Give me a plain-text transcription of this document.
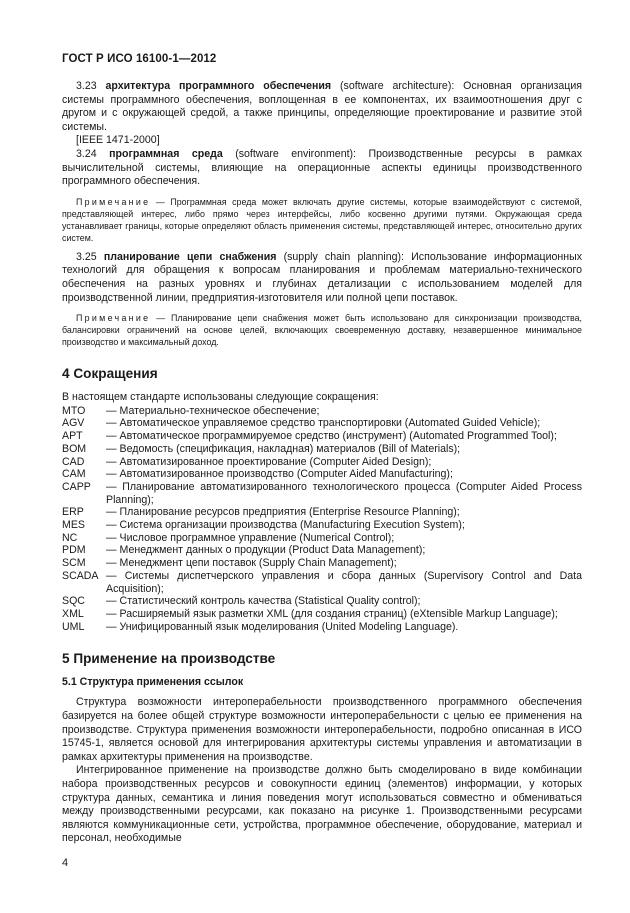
ГОСТ Р ИСО 16100-1—2012

3.23 архитектура программного обеспечения (software architecture): Основная организация системы программного обеспечения, воплощенная в ее компонентах, их взаимоотношения друг с другом и с окружающей средой, а также принципы, определяющие проектирование и развитие этой системы.

[IEEE 1471-2000]

3.24 программная среда (software environment): Производственные ресурсы в рамках вычислительной системы, влияющие на операционные аспекты единицы производственного программного обеспечения.

Примечание — Программная среда может включать другие системы, которые взаимодействуют с системой, представляющей интерес, либо прямо через интерфейсы, либо косвенно другими путями. Окружающая среда устанавливает границы, которые определяют область применения системы, представляющей интерес, относительно других систем.

3.25 планирование цепи снабжения (supply chain planning): Использование информационных технологий для обращения к вопросам планирования и проблемам материально-технического обеспечения на разных уровнях и глубинах детализации с использованием моделей для производственной линии, предприятия-изготовителя или полной цепи поставок.

Примечание — Планирование цепи снабжения может быть использовано для синхронизации производства, балансировки ограничений на основе целей, включающих своевременную доставку, незавершенное минимальное производство и максимальный доход.

4 Сокращения

В настоящем стандарте использованы следующие сокращения:

MTO	— Материально-техническое обеспечение;
AGV	— Автоматическое управляемое средство транспортировки (Automated Guided Vehicle);
APT	— Автоматическое программируемое средство (инструмент) (Automated Programmed Tool);
BOM	— Ведомость (спецификация, накладная) материалов (Bill of Materials);
CAD	— Автоматизированное проектирование (Computer Aided Design);
CAM	— Автоматизированное производство (Computer Aided Manufacturing);
CAPP	— Планирование автоматизированного технологического процесса (Computer Aided Process Planning);
ERP	— Планирование ресурсов предприятия (Enterprise Resource Planning);
MES	— Система организации производства (Manufacturing Execution System);
NC	— Числовое программное управление (Numerical Control);
PDM	— Менеджмент данных о продукции (Product Data Management);
SCM	— Менеджмент цепи поставок (Supply Chain Management);
SCADA — Системы диспетчерского управления и сбора данных (Supervisory Control and Data Acquisition);
SQC	— Статистический контроль качества (Statistical Quality control);
XML	— Расширяемый язык разметки XML (для создания страниц) (eXtensible Markup Language);
UML	— Унифицированный язык моделирования (United Modeling Language).
5 Применение на производстве
5.1 Структура применения ссылок

Структура возможности интероперабельности производственного программного обеспечения базируется на более общей структуре возможности интероперабельности с целью ее применения на производстве. Структура применения возможности интероперабельности, подробно описанная в ИСО 15745-1, является основой для интегрирования архитектуры системы управления и автоматизации в рамках архитектуры применения на производстве.

Интегрированное применение на производстве должно быть смоделировано в виде комбинации набора производственных ресурсов и совокупности единиц (элементов) информации, у которых структура данных, семантика и линия поведения могут использоваться совместно и обмениваться между производственными ресурсами, как показано на рисунке 1. Производственными ресурсами являются коммуникационные сети, устройства, программное обеспечение, оборудование, материал и персонал, необходимые

4
